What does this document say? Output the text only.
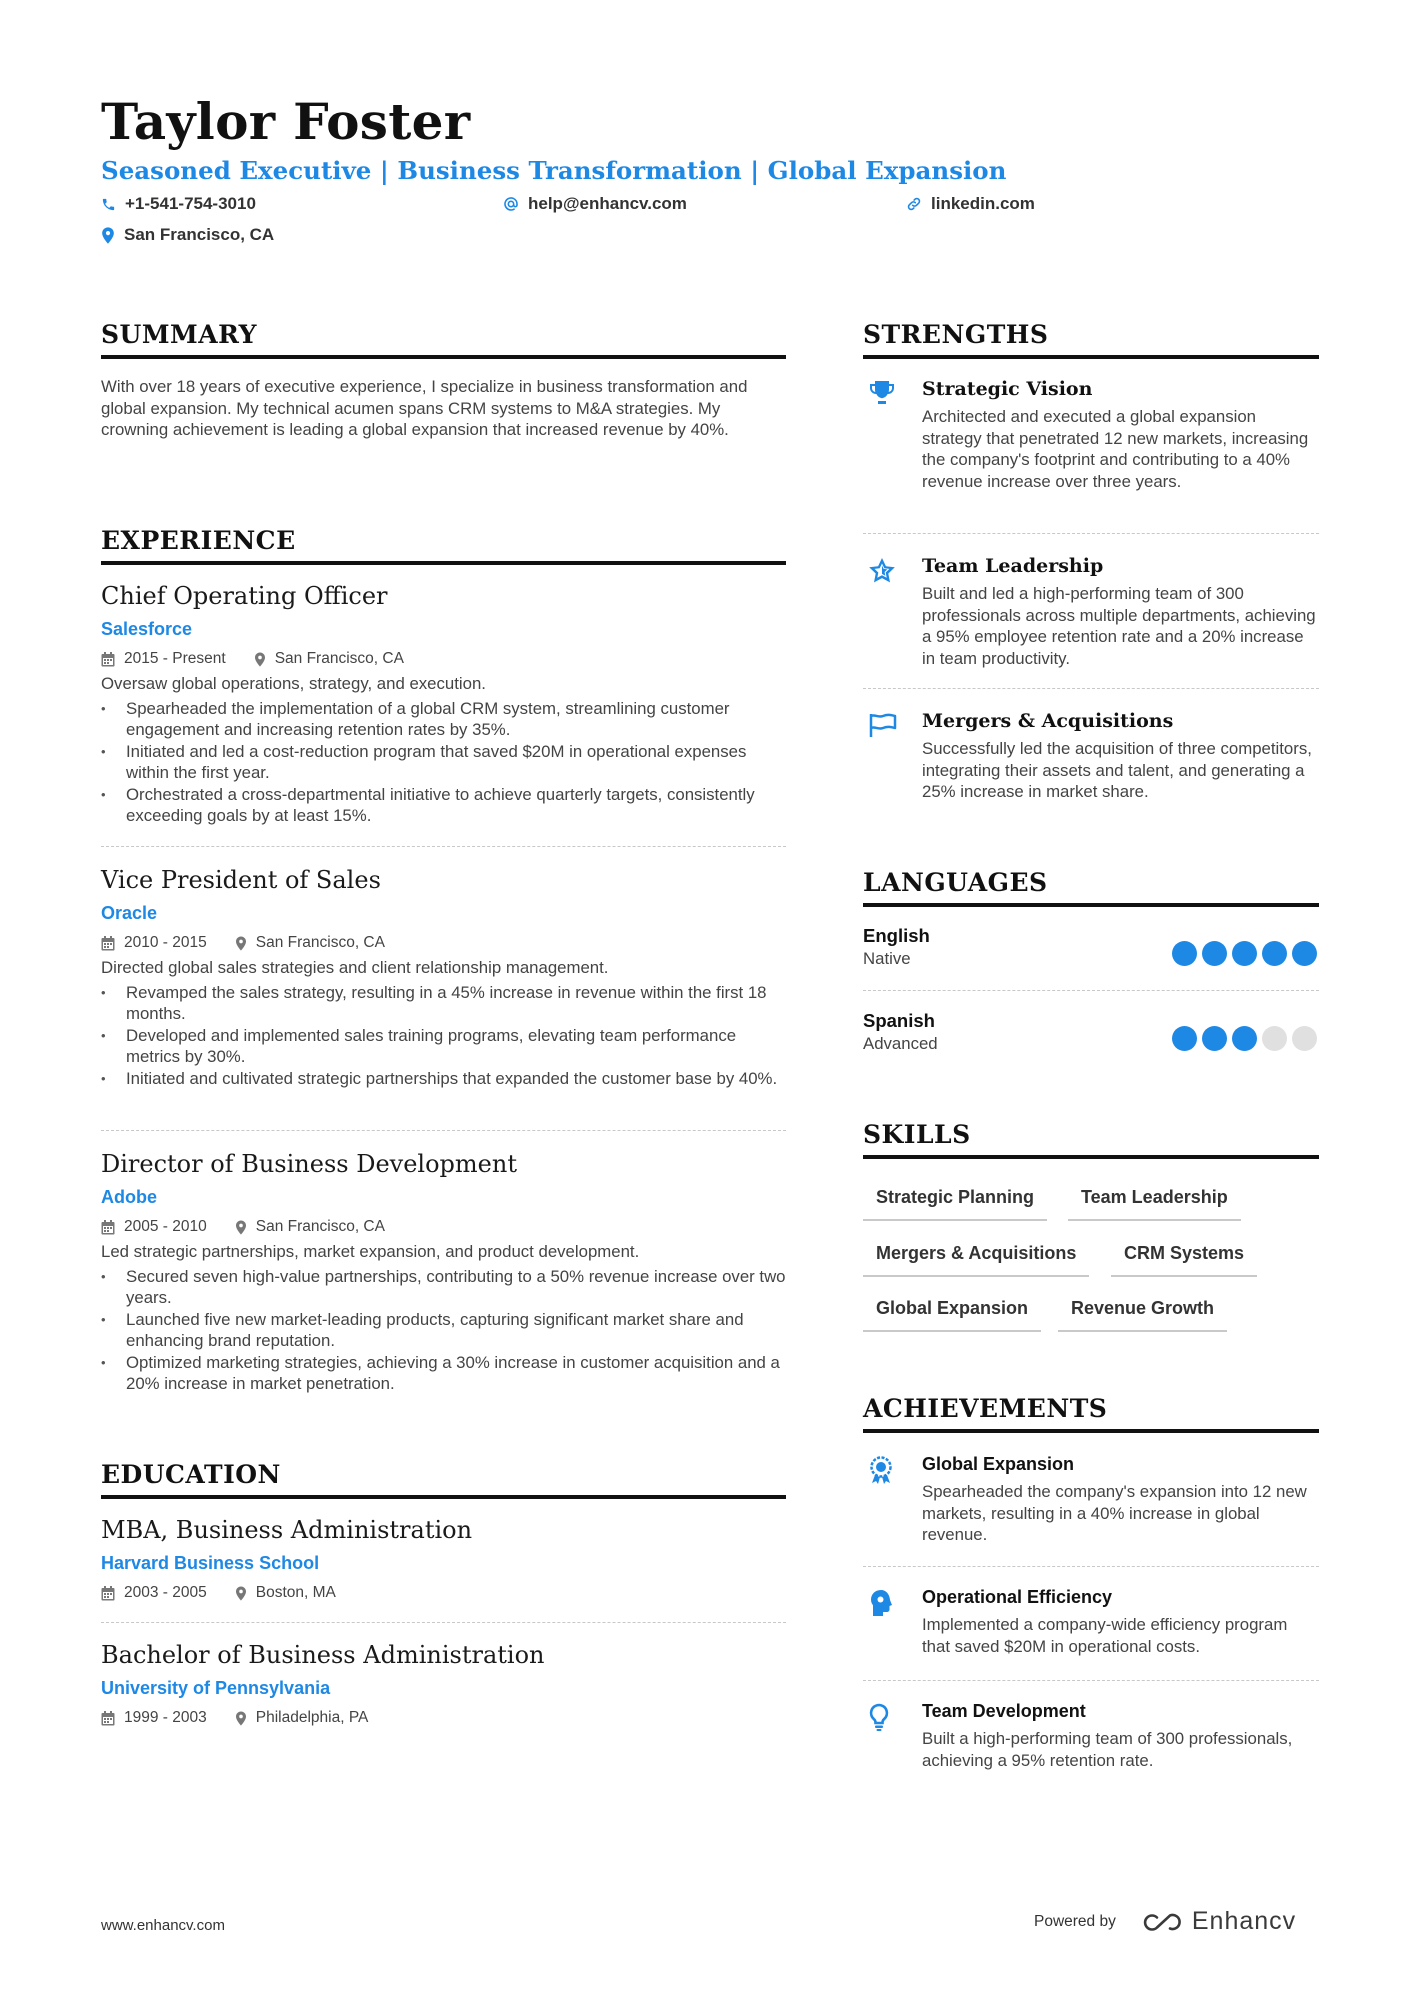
Taylor Foster
Seasoned Executive | Business Transformation | Global Expansion
+1-541-754-3010	help@enhancv.com	linkedin.com
San Francisco, CA
SUMMARY
With over 18 years of executive experience, I specialize in business transformation and global expansion. My technical acumen spans CRM systems to M&A strategies. My crowning achievement is leading a global expansion that increased revenue by 40%.
EXPERIENCE
Chief Operating Officer
Salesforce
2015 - Present	San Francisco, CA
Oversaw global operations, strategy, and execution.
• Spearheaded the implementation of a global CRM system, streamlining customer engagement and increasing retention rates by 35%.
• Initiated and led a cost-reduction program that saved $20M in operational expenses within the first year.
• Orchestrated a cross-departmental initiative to achieve quarterly targets, consistently exceeding goals by at least 15%.
Vice President of Sales
Oracle
2010 - 2015	San Francisco, CA
Directed global sales strategies and client relationship management.
• Revamped the sales strategy, resulting in a 45% increase in revenue within the first 18 months.
• Developed and implemented sales training programs, elevating team performance metrics by 30%.
• Initiated and cultivated strategic partnerships that expanded the customer base by 40%.
Director of Business Development
Adobe
2005 - 2010	San Francisco, CA
Led strategic partnerships, market expansion, and product development.
• Secured seven high-value partnerships, contributing to a 50% revenue increase over two years.
• Launched five new market-leading products, capturing significant market share and enhancing brand reputation.
• Optimized marketing strategies, achieving a 30% increase in customer acquisition and a 20% increase in market penetration.
EDUCATION
MBA, Business Administration
Harvard Business School
2003 - 2005	Boston, MA
Bachelor of Business Administration
University of Pennsylvania
1999 - 2003	Philadelphia, PA
STRENGTHS
Strategic Vision
Architected and executed a global expansion strategy that penetrated 12 new markets, increasing the company's footprint and contributing to a 40% revenue increase over three years.
Team Leadership
Built and led a high-performing team of 300 professionals across multiple departments, achieving a 95% employee retention rate and a 20% increase in team productivity.
Mergers & Acquisitions
Successfully led the acquisition of three competitors, integrating their assets and talent, and generating a 25% increase in market share.
LANGUAGES
English
Native
Spanish
Advanced
SKILLS
Strategic Planning	Team Leadership
Mergers & Acquisitions	CRM Systems
Global Expansion	Revenue Growth
ACHIEVEMENTS
Global Expansion
Spearheaded the company's expansion into 12 new markets, resulting in a 40% increase in global revenue.
Operational Efficiency
Implemented a company-wide efficiency program that saved $20M in operational costs.
Team Development
Built a high-performing team of 300 professionals, achieving a 95% retention rate.
www.enhancv.com	Powered by	Enhancv
